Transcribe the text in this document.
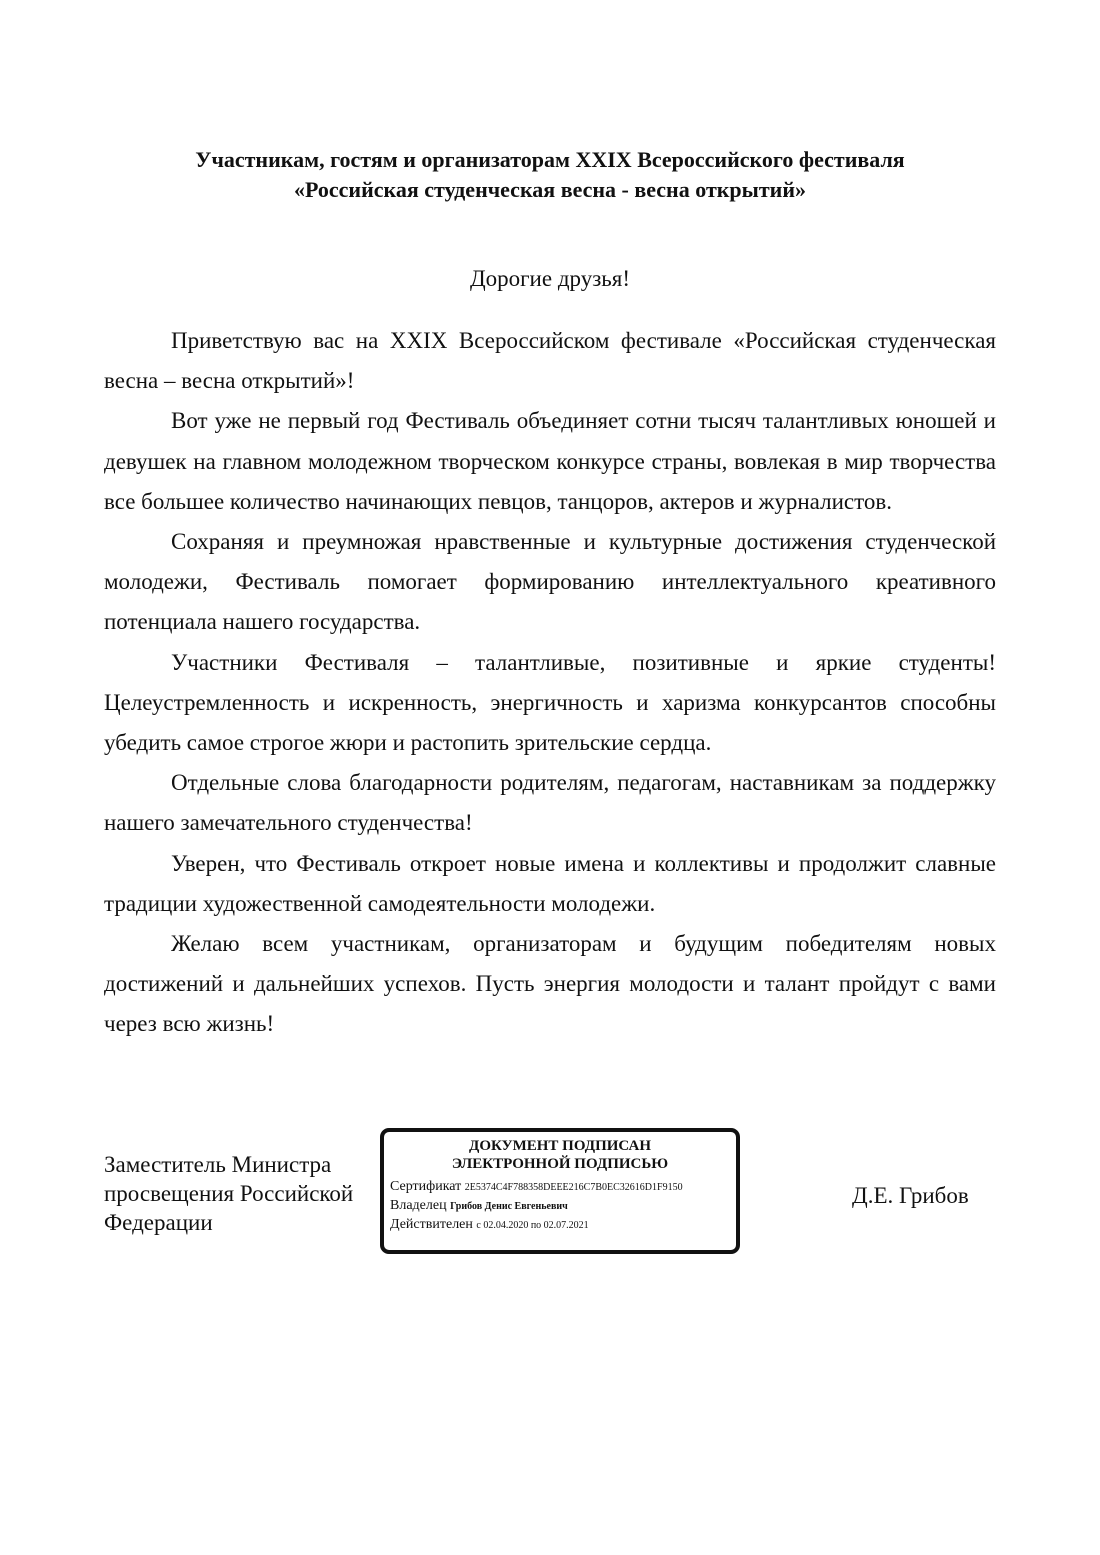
Участникам, гостям и организаторам XXIX Всероссийского фестиваля
«Российская студенческая весна - весна открытий»
Дорогие друзья!

Приветствую вас на XXIX Всероссийском фестивале «Российская студенческая весна – весна открытий»!

Вот уже не первый год Фестиваль объединяет сотни тысяч талантливых юношей и девушек на главном молодежном творческом конкурсе страны, вовлекая в мир творчества все большее количество начинающих певцов, танцоров, актеров и журналистов.

Сохраняя и преумножая нравственные и культурные достижения студенческой молодежи, Фестиваль помогает формированию интеллектуального креативного потенциала нашего государства.

Участники Фестиваля – талантливые, позитивные и яркие студенты! Целеустремленность и искренность, энергичность и харизма конкурсантов способны убедить самое строгое жюри и растопить зрительские сердца.

Отдельные слова благодарности родителям, педагогам, наставникам за поддержку нашего замечательного студенчества!

Уверен, что Фестиваль откроет новые имена и коллективы и продолжит славные традиции художественной самодеятельности молодежи.

Желаю всем участникам, организаторам и будущим победителям новых достижений и дальнейших успехов. Пусть энергия молодости и талант пройдут с вами через всю жизнь!

Заместитель Министра
просвещения Российской
Федерации
ДОКУМЕНТ ПОДПИСАН
ЭЛЕКТРОННОЙ ПОДПИСЬЮ
Сертификат 2E5374C4F788358DEEE216C7B0EC32616D1F9150
Владелец Грибов Денис Евгеньевич
Действителен с 02.04.2020 по 02.07.2021
Д.Е. Грибов
